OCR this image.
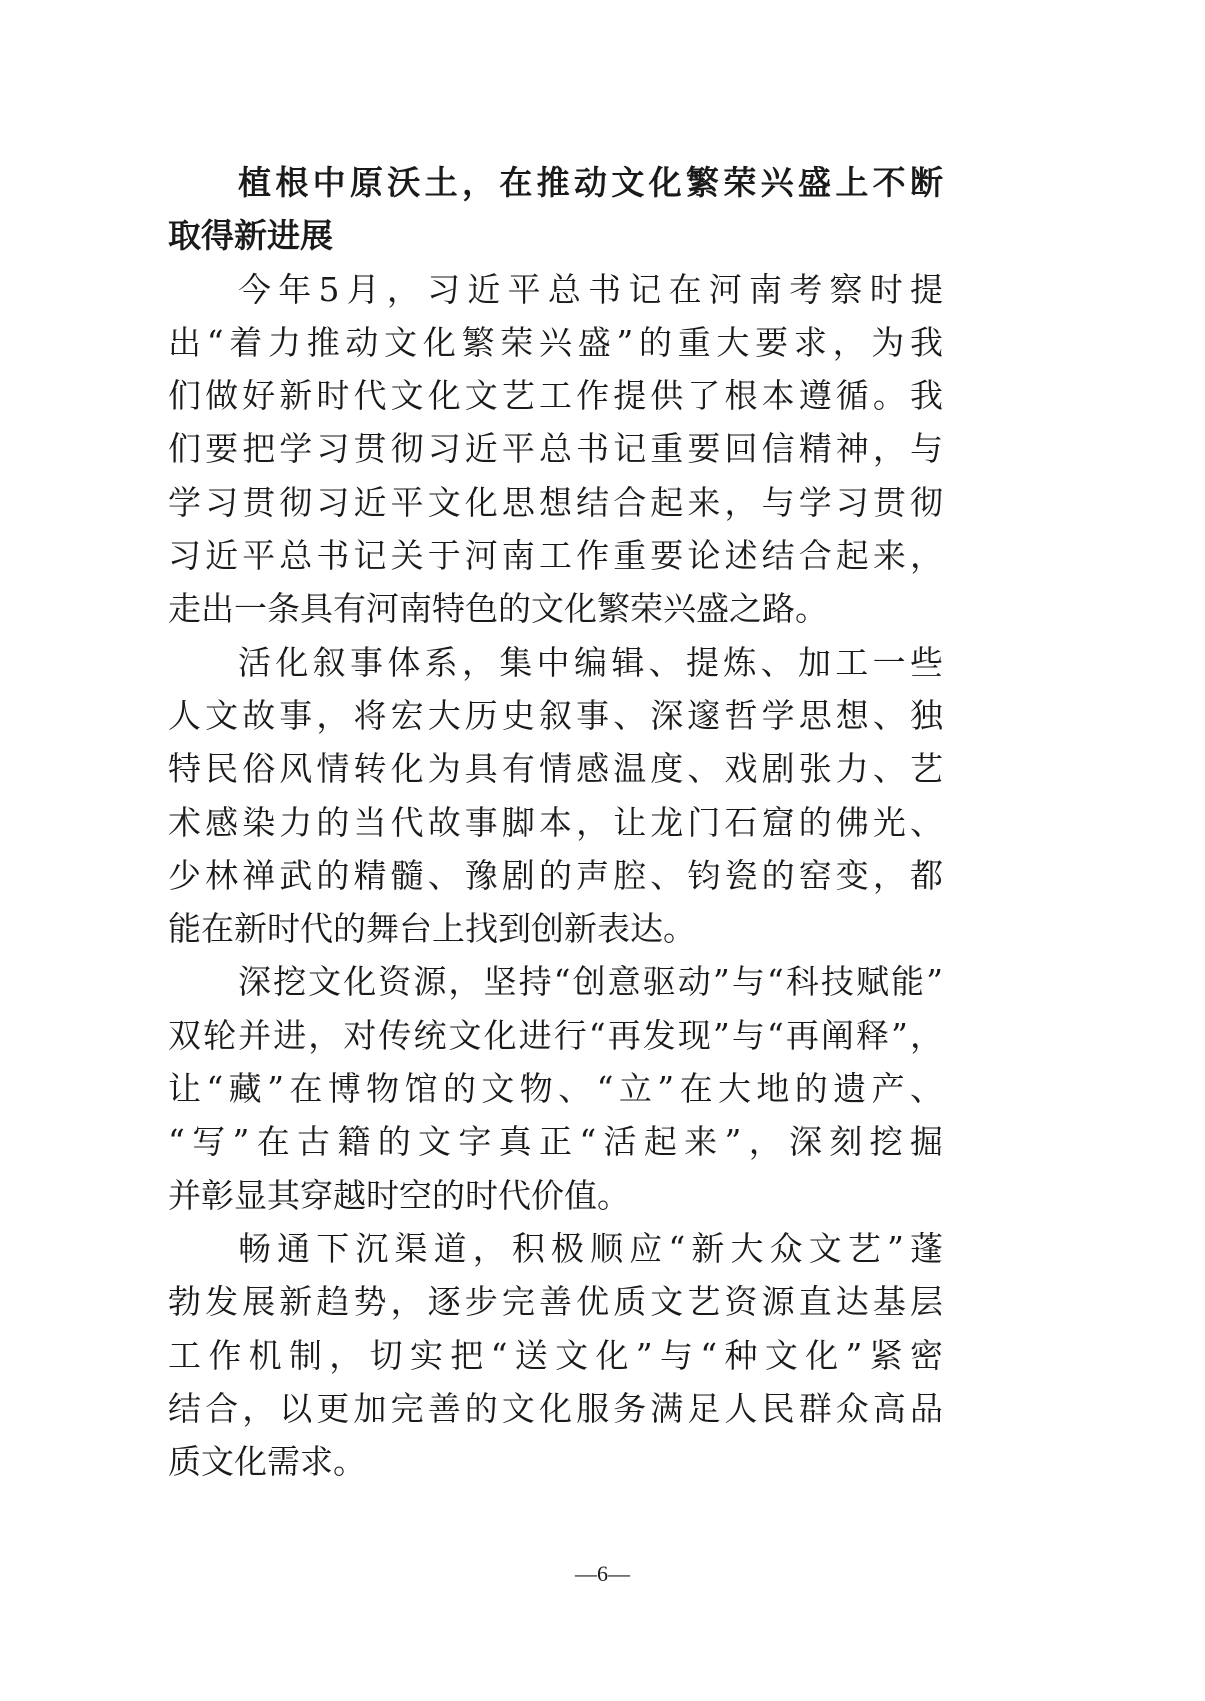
植根中原沃土，在推动文化繁荣兴盛上不断
取得新进展
今年5月，习近平总书记在河南考察时提
出“着力推动文化繁荣兴盛”的重大要求，为我
们做好新时代文化文艺工作提供了根本遵循。我
们要把学习贯彻习近平总书记重要回信精神，与
学习贯彻习近平文化思想结合起来，与学习贯彻
习近平总书记关于河南工作重要论述结合起来，
走出一条具有河南特色的文化繁荣兴盛之路。
活化叙事体系，集中编辑、提炼、加工一些
人文故事，将宏大历史叙事、深邃哲学思想、独
特民俗风情转化为具有情感温度、戏剧张力、艺
术感染力的当代故事脚本，让龙门石窟的佛光、
少林禅武的精髓、豫剧的声腔、钧瓷的窑变，都
能在新时代的舞台上找到创新表达。
深挖文化资源，坚持“创意驱动”与“科技赋能”
双轮并进，对传统文化进行“再发现”与“再阐释”，
让“藏”在博物馆的文物、“立”在大地的遗产、
“写”在古籍的文字真正“活起来”，深刻挖掘
并彰显其穿越时空的时代价值。
畅通下沉渠道，积极顺应“新大众文艺”蓬
勃发展新趋势，逐步完善优质文艺资源直达基层
工作机制，切实把“送文化”与“种文化”紧密
结合，以更加完善的文化服务满足人民群众高品
质文化需求。
—6—
